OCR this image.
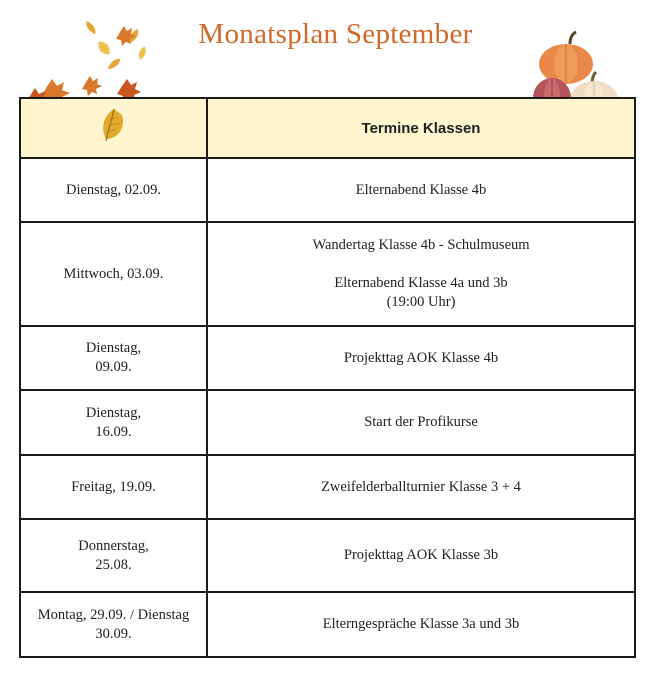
Monatsplan September
	Termine Klassen

Dienstag, 02.09.	Elternabend Klasse 4b

Mittwoch, 03.09.	Wandertag Klasse 4b - Schulmuseum
Elternabend Klasse 4a und 3b
(19:00 Uhr)

Dienstag,
09.09.	Projekttag AOK Klasse 4b

Dienstag,
16.09.	Start der Profikurse

Freitag, 19.09.	Zweifelderballturnier Klasse 3 + 4

Donnerstag,
25.08.	Projekttag AOK Klasse 3b

Montag, 29.09. / Dienstag
30.09.	Elterngespräche Klasse 3a und 3b
